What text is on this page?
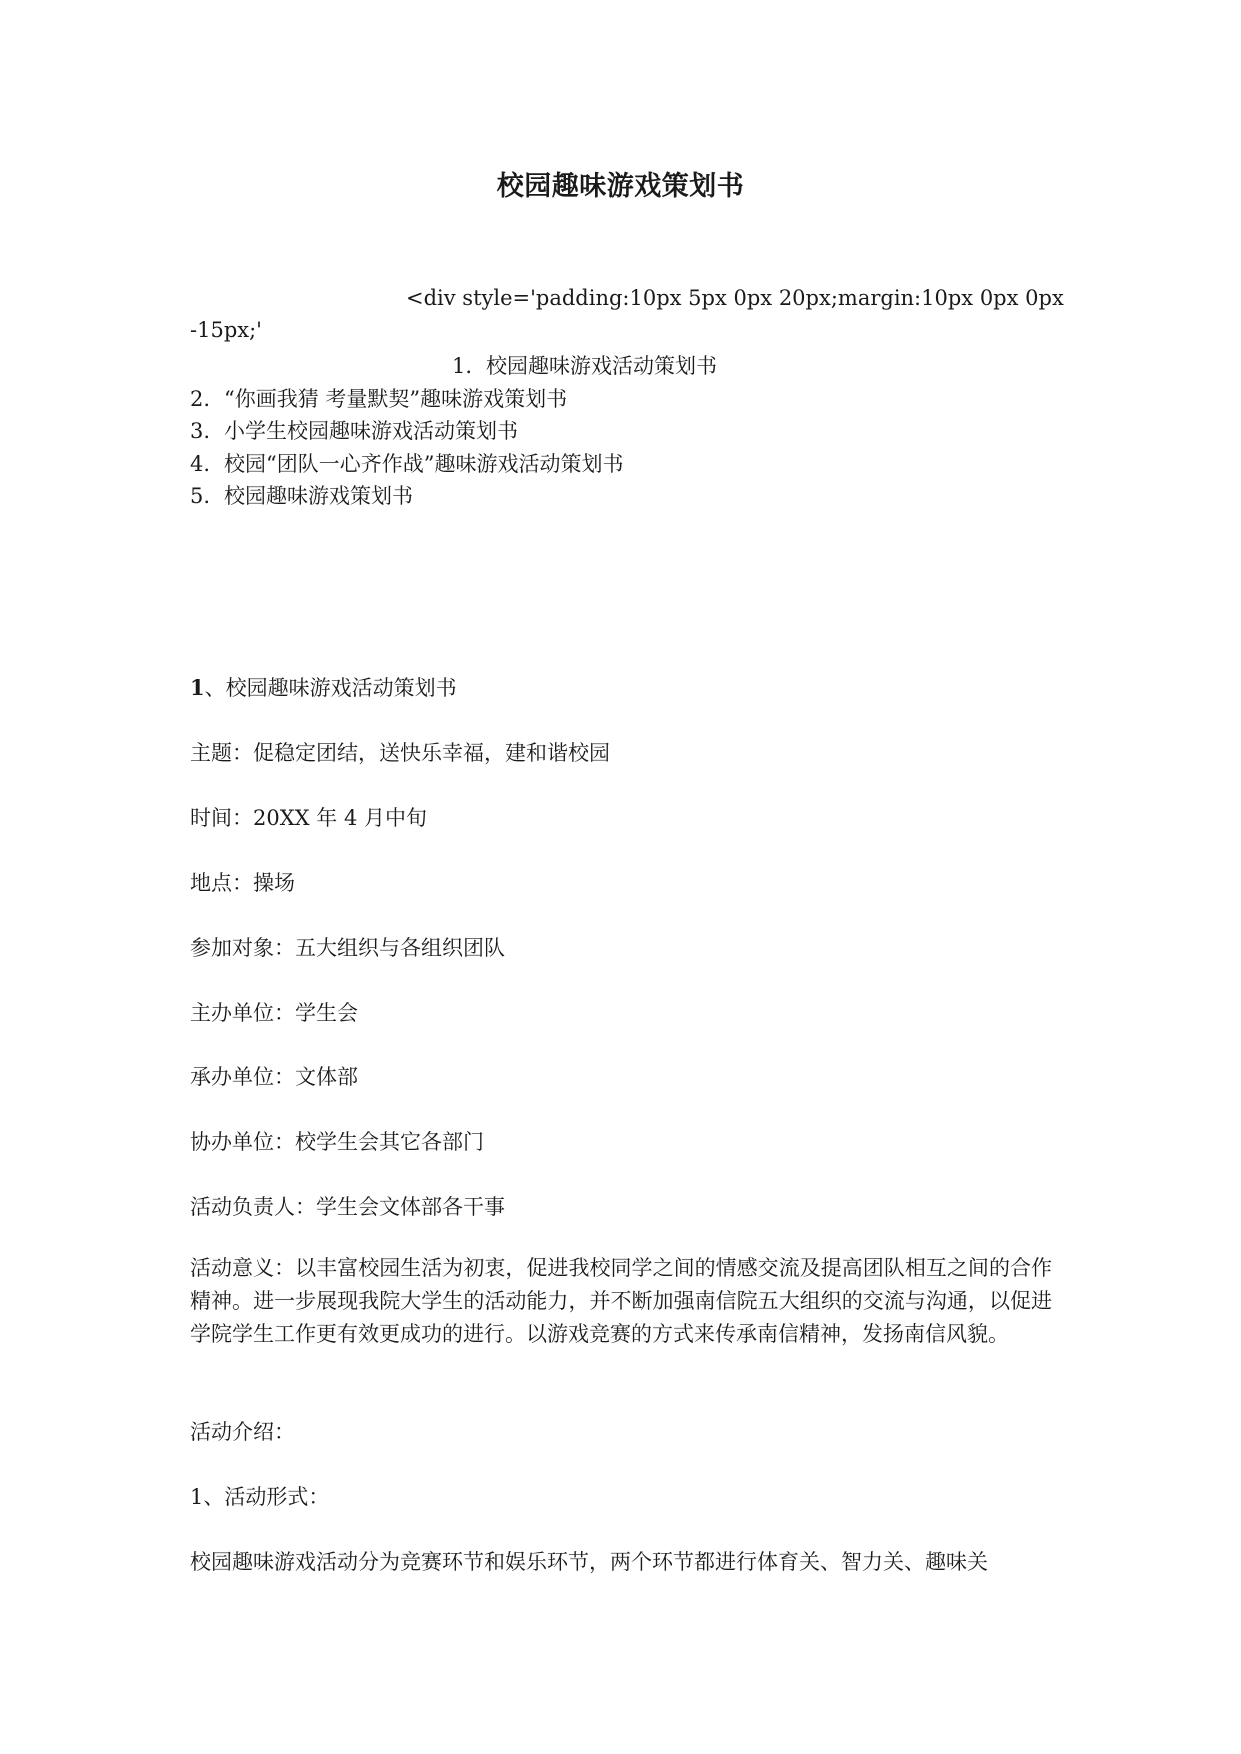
校园趣味游戏策划书

<div style='padding:10px 5px 0px 20px;margin:10px 0px 0px

-15px;'

1. 校园趣味游戏活动策划书
2. “你画我猜 考量默契”趣味游戏策划书
3. 小学生校园趣味游戏活动策划书
4. 校园“团队一心齐作战”趣味游戏活动策划书
5. 校园趣味游戏策划书

1、校园趣味游戏活动策划书

主题：促稳定团结，送快乐幸福，建和谐校园

时间：20XX 年 4 月中旬

地点：操场

参加对象：五大组织与各组织团队

主办单位：学生会

承办单位：文体部

协办单位：校学生会其它各部门

活动负责人：学生会文体部各干事

活动意义：以丰富校园生活为初衷，促进我校同学之间的情感交流及提高团队相互之间的合作精神。进一步展现我院大学生的活动能力，并不断加强南信院五大组织的交流与沟通，以促进学院学生工作更有效更成功的进行。以游戏竞赛的方式来传承南信精神，发扬南信风貌。

活动介绍：

1、活动形式：

校园趣味游戏活动分为竞赛环节和娱乐环节，两个环节都进行体育关、智力关、趣味关
